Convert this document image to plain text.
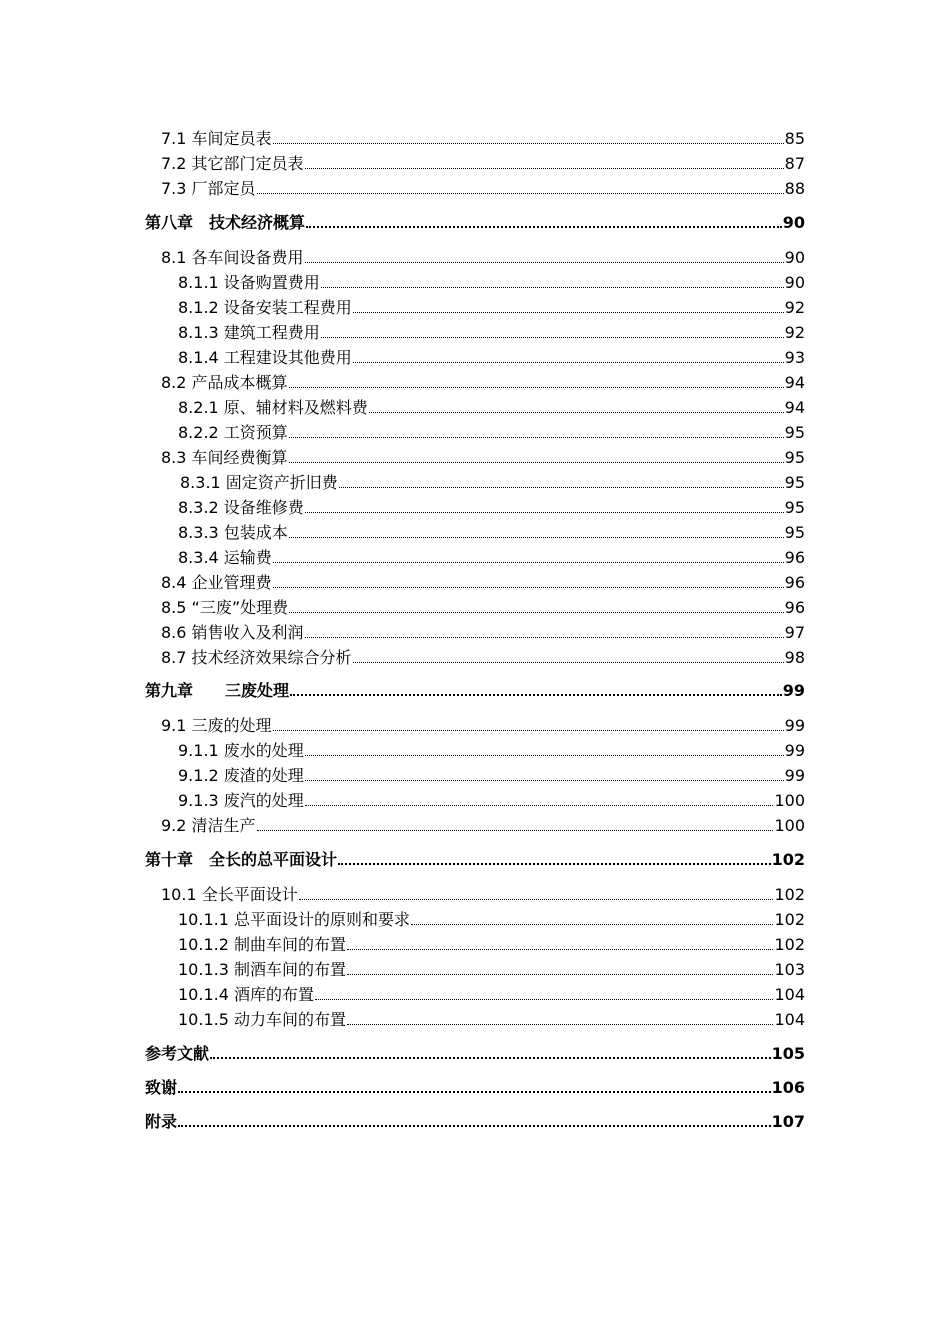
7.1 车间定员表	85
7.2 其它部门定员表	87
7.3 厂部定员	88
第八章　技术经济概算	90
8.1 各车间设备费用	90
8.1.1 设备购置费用	90
8.1.2 设备安装工程费用	92
8.1.3 建筑工程费用	92
8.1.4 工程建设其他费用	93
8.2 产品成本概算	94
8.2.1 原、辅材料及燃料费	94
8.2.2 工资预算	95
8.3 车间经费衡算	95
8.3.1 固定资产折旧费	95
8.3.2 设备维修费	95
8.3.3 包装成本	95
8.3.4 运输费	96
8.4 企业管理费	96
8.5 “三废”处理费	96
8.6 销售收入及利润	97
8.7 技术经济效果综合分析	98
第九章　　三废处理	99
9.1 三废的处理	99
9.1.1 废水的处理	99
9.1.2 废渣的处理	99
9.1.3 废汽的处理	100
9.2 清洁生产	100
第十章　全长的总平面设计	102
10.1 全长平面设计	102
10.1.1 总平面设计的原则和要求	102
10.1.2 制曲车间的布置	102
10.1.3 制酒车间的布置	103
10.1.4 酒库的布置	104
10.1.5 动力车间的布置	104
参考文献	105
致谢	106
附录	107
